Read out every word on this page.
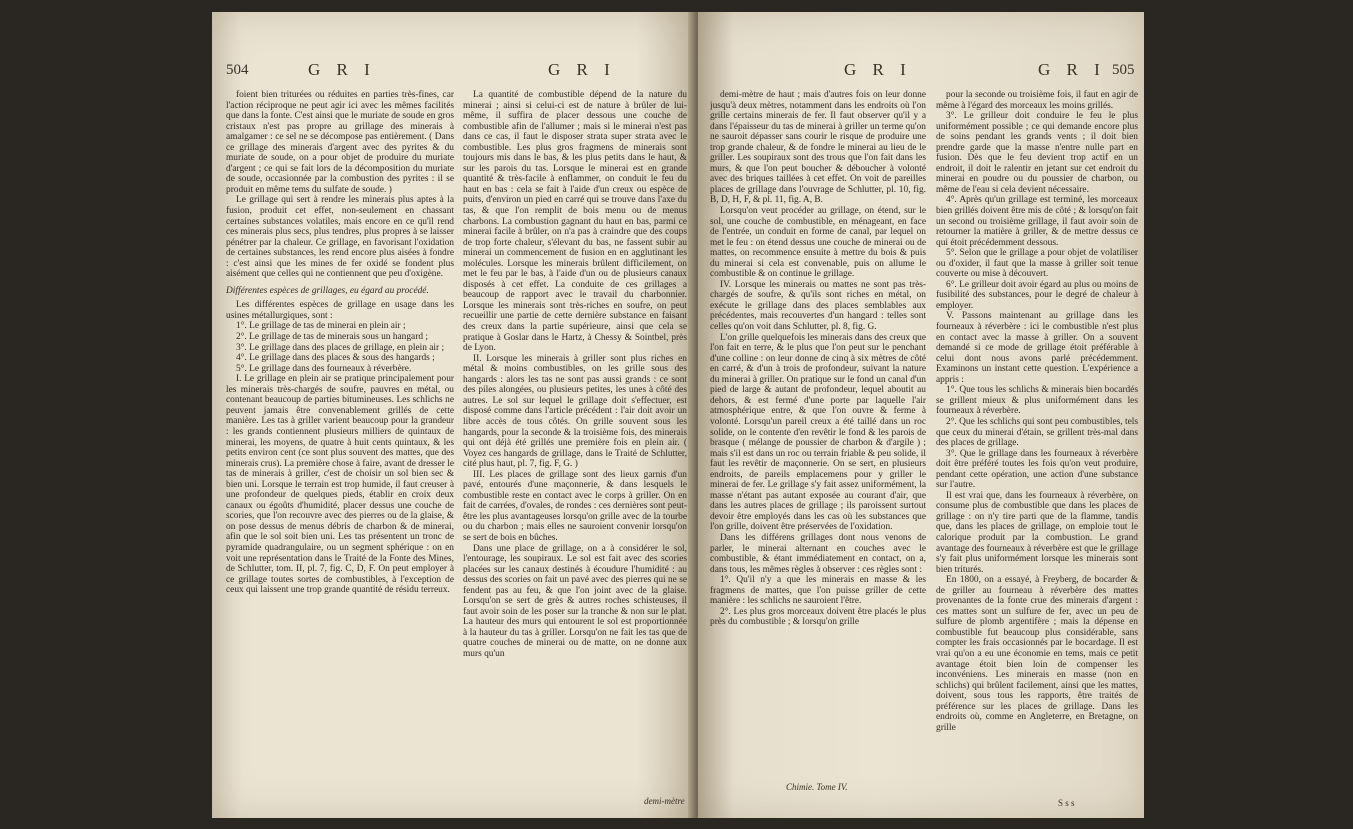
504	G R I	G R I

foient bien triturées ou réduites en parties très-fines, car l'action réciproque ne peut agir ici avec les mêmes facilités que dans la fonte. C'est ainsi que le muriate de soude en gros cristaux n'est pas propre au grillage des minerais à amalgamer : ce sel ne se décompose pas entièrement. ( Dans ce grillage des minerais d'argent avec des pyrites & du muriate de soude, on a pour objet de produire du muriate d'argent ; ce qui se fait lors de la décomposition du muriate de soude, occasionnée par la combustion des pyrites : il se produit en même tems du sulfate de soude. )

Le grillage qui sert à rendre les minerais plus aptes à la fusion, produit cet effet, non-seulement en chassant certaines substances volatiles, mais encore en ce qu'il rend ces minerais plus secs, plus tendres, plus propres à se laisser pénétrer par la chaleur. Ce grillage, en favorisant l'oxidation de certaines substances, les rend encore plus aisées à fondre : c'est ainsi que les mines de fer oxidé se fondent plus aisément que celles qui ne contiennent que peu d'oxigène.

Différentes espèces de grillages, eu égard au procédé.

Les différentes espèces de grillage en usage dans les usines métallurgiques, sont :

1°. Le grillage de tas de minerai en plein air ;

2°. Le grillage de tas de minerais sous un hangard ;

3°. Le grillage dans des places de grillage, en plein air ;

4°. Le grillage dans des places & sous des hangards ;

5°. Le grillage dans des fourneaux à réverbère.

I. Le grillage en plein air se pratique principalement pour les minerais très-chargés de soufre, pauvres en métal, ou contenant beaucoup de parties bitumineuses. Les schlichs ne peuvent jamais être convenablement grillés de cette manière. Les tas à griller varient beaucoup pour la grandeur : les grands contiennent plusieurs milliers de quintaux de minerai, les moyens, de quatre à huit cents quintaux, & les petits environ cent (ce sont plus souvent des mattes, que des minerais crus). La première chose à faire, avant de dresser le tas de minerais à griller, c'est de choisir un sol bien sec & bien uni. Lorsque le terrain est trop humide, il faut creuser à une profondeur de quelques pieds, établir en croix deux canaux ou égoûts d'humidité, placer dessus une couche de scories, que l'on recouvre avec des pierres ou de la glaise, & on pose dessus de menus débris de charbon & de minerai, afin que le sol soit bien uni. Les tas présentent un tronc de pyramide quadrangulaire, ou un segment sphérique : on en voit une représentation dans le Traité de la Fonte des Mines, de Schlutter, tom. II, pl. 7, fig. C, D, F. On peut employer à ce grillage toutes sortes de combustibles, à l'exception de ceux qui laissent une trop grande quantité de résidu terreux.

La quantité de combustible dépend de la nature du minerai ; ainsi si celui-ci est de nature à brûler de lui-même, il suffira de placer dessous une couche de combustible afin de l'allumer ; mais si le minerai n'est pas dans ce cas, il faut le disposer strata super strata avec le combustible. Les plus gros fragmens de minerais sont toujours mis dans le bas, & les plus petits dans le haut, & sur les parois du tas. Lorsque le minerai est en grande quantité & très-facile à enflammer, on conduit le feu du haut en bas : cela se fait à l'aide d'un creux ou espèce de puits, d'environ un pied en carré qui se trouve dans l'axe du tas, & que l'on remplit de bois menu ou de menus charbons. La combustion gagnant du haut en bas, parmi ce minerai facile à brûler, on n'a pas à craindre que des coups de trop forte chaleur, s'élevant du bas, ne fassent subir au minerai un commencement de fusion en en agglutinant les molécules. Lorsque les minerais brûlent difficilement, on met le feu par le bas, à l'aide d'un ou de plusieurs canaux disposés à cet effet. La conduite de ces grillages a beaucoup de rapport avec le travail du charbonnier. Lorsque les minerais sont très-riches en soufre, on peut recueillir une partie de cette dernière substance en faisant des creux dans la partie supérieure, ainsi que cela se pratique à Goslar dans le Hartz, à Chessy & Sointbel, près de Lyon.

II. Lorsque les minerais à griller sont plus riches en métal & moins combustibles, on les grille sous des hangards : alors les tas ne sont pas aussi grands : ce sont des piles alongées, ou plusieurs petites, les unes à côté des autres. Le sol sur lequel le grillage doit s'effectuer, est disposé comme dans l'article précédent : l'air doit avoir un libre accès de tous côtés. On grille souvent sous les hangards, pour la seconde & la troisième fois, des minerais qui ont déjà été grillés une première fois en plein air. ( Voyez ces hangards de grillage, dans le Traité de Schlutter, cité plus haut, pl. 7, fig. F, G. )

III. Les places de grillage sont des lieux garnis d'un pavé, entourés d'une maçonnerie, & dans lesquels le combustible reste en contact avec le corps à griller. On en fait de carrées, d'ovales, de rondes : ces dernières sont peut-être les plus avantageuses lorsqu'on grille avec de la tourbe ou du charbon ; mais elles ne sauroient convenir lorsqu'on se sert de bois en bûches.

Dans une place de grillage, on a à considérer le sol, l'entourage, les soupiraux. Le sol est fait avec des scories placées sur les canaux destinés à écoudure l'humidité : au dessus des scories on fait un pavé avec des pierres qui ne se fendent pas au feu, & que l'on joint avec de la glaise. Lorsqu'on se sert de grès & autres roches schisteuses, il faut avoir soin de les poser sur la tranche & non sur le plat. La hauteur des murs qui entourent le sol est proportionnée à la hauteur du tas à griller. Lorsqu'on ne fait les tas que de quatre couches de minerai ou de matte, on ne donne aux murs qu'un

demi-mètre
G R I	G R I 505

demi-mètre de haut ; mais d'autres fois on leur donne jusqu'à deux mètres, notamment dans les endroits où l'on grille certains minerais de fer. Il faut observer qu'il y a dans l'épaisseur du tas de minerai à griller un terme qu'on ne sauroit dépasser sans courir le risque de produire une trop grande chaleur, & de fondre le minerai au lieu de le griller. Les soupiraux sont des trous que l'on fait dans les murs, & que l'on peut boucher & déboucher à volonté avec des briques taillées à cet effet. On voit de pareilles places de grillage dans l'ouvrage de Schlutter, pl. 10, fig. B, D, H, F, & pl. 11, fig. A, B.

Lorsqu'on veut procéder au grillage, on étend, sur le sol, une couche de combustible, en ménageant, en face de l'entrée, un conduit en forme de canal, par lequel on met le feu : on étend dessus une couche de minerai ou de mattes, on recommence ensuite à mettre du bois & puis du minerai si cela est convenable, puis on allume le combustible & on continue le grillage.

IV. Lorsque les minerais ou mattes ne sont pas très-chargés de soufre, & qu'ils sont riches en métal, on exécute le grillage dans des places semblables aux précédentes, mais recouvertes d'un hangard : telles sont celles qu'on voit dans Schlutter, pl. 8, fig. G.

L'on grille quelquefois les minerais dans des creux que l'on fait en terre, & le plus que l'on peut sur le penchant d'une colline : on leur donne de cinq à six mètres de côté en carré, & d'un à trois de profondeur, suivant la nature du minerai à griller. On pratique sur le fond un canal d'un pied de large & autant de profondeur, lequel aboutit au dehors, & est fermé d'une porte par laquelle l'air atmosphérique entre, & que l'on ouvre & ferme à volonté. Lorsqu'un pareil creux a été taillé dans un roc solide, on le contente d'en revêtir le fond & les parois de brasque ( mélange de poussier de charbon & d'argile ) ; mais s'il est dans un roc ou terrain friable & peu solide, il faut les revêtir de maçonnerie. On se sert, en plusieurs endroits, de pareils emplacemens pour y griller le minerai de fer. Le grillage s'y fait assez uniformément, la masse n'étant pas autant exposée au courant d'air, que dans les autres places de grillage ; ils paroissent surtout devoir être employés dans les cas où les substances que l'on grille, doivent être préservées de l'oxidation.

Dans les différens grillages dont nous venons de parler, le minerai alternant en couches avec le combustible, & étant immédiatement en contact, on a, dans tous, les mêmes règles à observer : ces règles sont :

1°. Qu'il n'y a que les minerais en masse & les fragmens de mattes, que l'on puisse griller de cette manière : les schlichs ne sauroient l'être.

2°. Les plus gros morceaux doivent être placés le plus près du combustible ; & lorsqu'on grille

pour la seconde ou troisième fois, il faut en agir de même à l'égard des morceaux les moins grillés.

3°. Le grilleur doit conduire le feu le plus uniformément possible ; ce qui demande encore plus de soins pendant les grands vents ; il doit bien prendre garde que la masse n'entre nulle part en fusion. Dès que le feu devient trop actif en un endroit, il doit le ralentir en jetant sur cet endroit du minerai en poudre ou du poussier de charbon, ou même de l'eau si cela devient nécessaire.

4°. Après qu'un grillage est terminé, les morceaux bien grillés doivent être mis de côté ; & lorsqu'on fait un second ou troisième grillage, il faut avoir soin de retourner la matière à griller, & de mettre dessus ce qui étoit précédemment dessous.

5°. Selon que le grillage a pour objet de volatiliser ou d'oxider, il faut que la masse à griller soit tenue couverte ou mise à découvert.

6°. Le grilleur doit avoir égard au plus ou moins de fusibilité des substances, pour le degré de chaleur à employer.

V. Passons maintenant au grillage dans les fourneaux à réverbère : ici le combustible n'est plus en contact avec la masse à griller. On a souvent demandé si ce mode de grillage étoit préférable à celui dont nous avons parlé précédemment. Examinons un instant cette question. L'expérience a appris :

1°. Que tous les schlichs & minerais bien bocardés se grillent mieux & plus uniformément dans les fourneaux à réverbère.

2°. Que les schlichs qui sont peu combustibles, tels que ceux du minerai d'étain, se grillent très-mal dans des places de grillage.

3°. Que le grillage dans les fourneaux à réverbère doit être préféré toutes les fois qu'on veut produire, pendant cette opération, une action d'une substance sur l'autre.

Il est vrai que, dans les fourneaux à réverbère, on consume plus de combustible que dans les places de grillage : on n'y tire parti que de la flamme, tandis que, dans les places de grillage, on emploie tout le calorique produit par la combustion. Le grand avantage des fourneaux à réverbère est que le grillage s'y fait plus uniformément lorsque les minerais sont bien triturés.

En 1800, on a essayé, à Freyberg, de bocarder & de griller au fourneau à réverbère des mattes provenantes de la fonte crue des minerais d'argent : ces mattes sont un sulfure de fer, avec un peu de sulfure de plomb argentifère ; mais la dépense en combustible fut beaucoup plus considérable, sans compter les frais occasionnés par le bocardage. Il est vrai qu'on a eu une économie en tems, mais ce petit avantage étoit bien loin de compenser les inconvéniens. Les minerais en masse (non en schlichs) qui brûlent facilement, ainsi que les mattes, doivent, sous tous les rapports, être traités de préférence sur les places de grillage. Dans les endroits où, comme en Angleterre, en Bretagne, on grille

Chimie. Tome IV.
S s s
